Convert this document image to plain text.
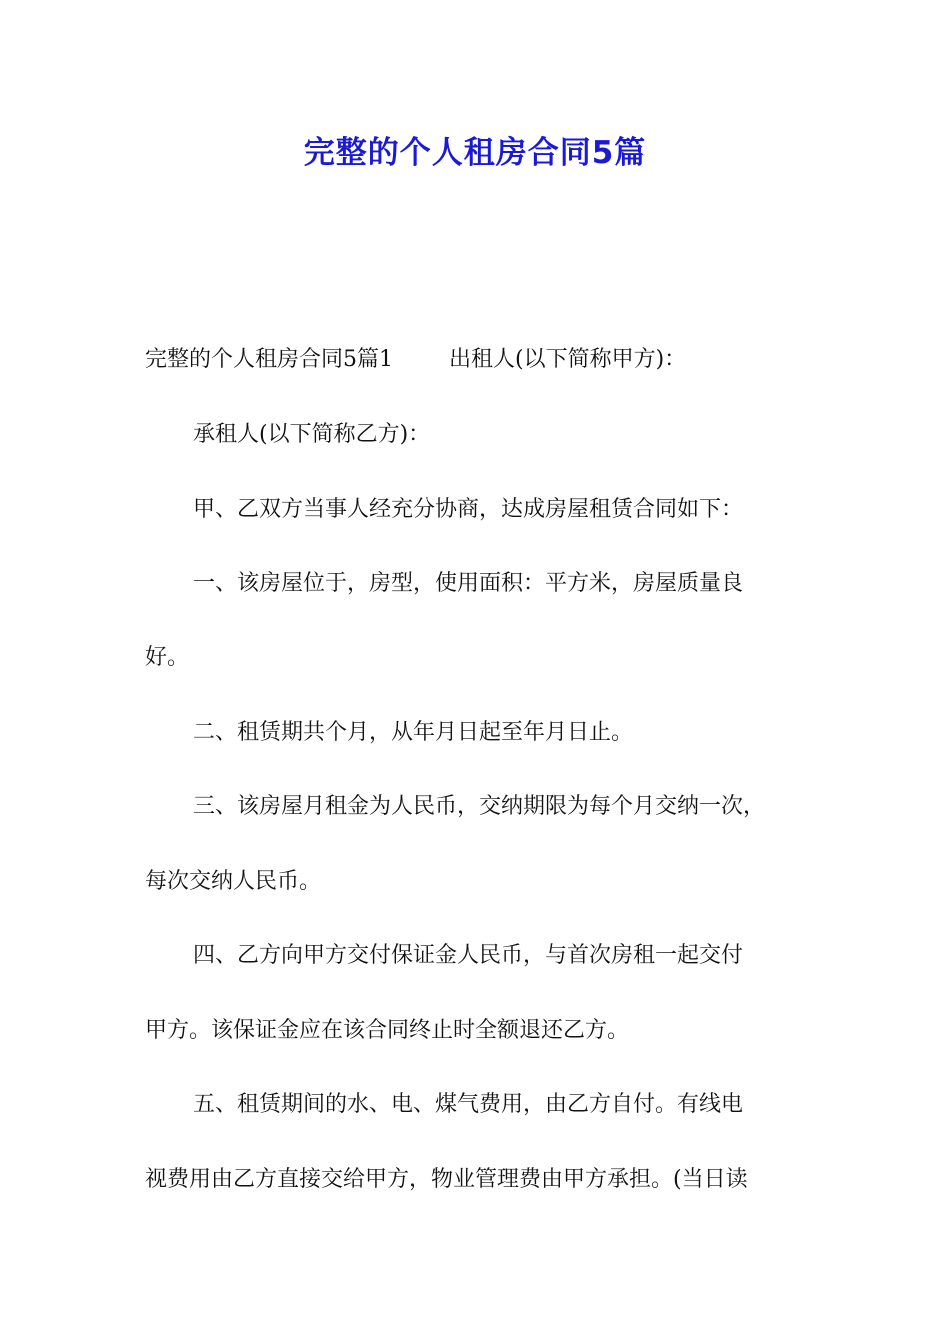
完整的个人租房合同5篇
完整的个人租房合同5篇1	出租人(以下简称甲方)：
承租人(以下简称乙方)：
甲、乙双方当事人经充分协商，达成房屋租赁合同如下：
一、该房屋位于，房型，使用面积：平方米，房屋质量良
好。
二、租赁期共个月，从年月日起至年月日止。
三、该房屋月租金为人民币，交纳期限为每个月交纳一次，
每次交纳人民币。
四、乙方向甲方交付保证金人民币，与首次房租一起交付
甲方。该保证金应在该合同终止时全额退还乙方。
五、租赁期间的水、电、煤气费用，由乙方自付。有线电
视费用由乙方直接交给甲方，物业管理费由甲方承担。(当日读
